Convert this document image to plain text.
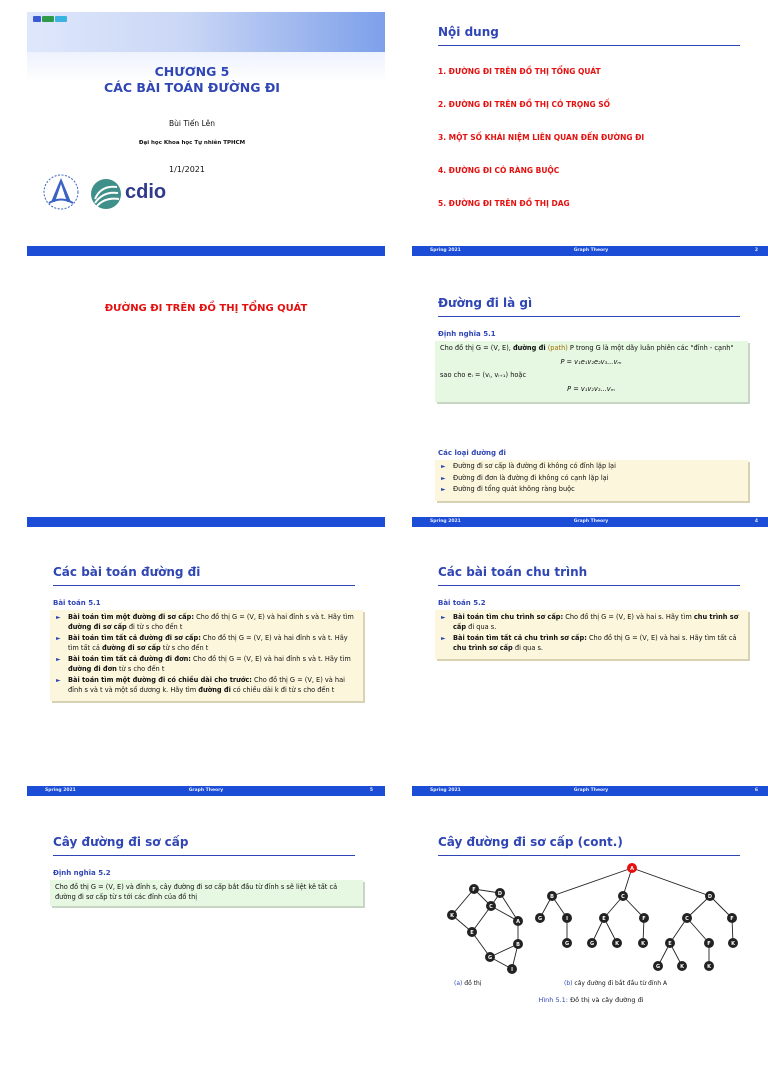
CHƯƠNG 5
CÁC BÀI TOÁN ĐƯỜNG ĐI
Bùi Tiến Lên
Đại học Khoa học Tự nhiên TPHCM
1/1/2021
cdio
Nội dung
1. ĐƯỜNG ĐI TRÊN ĐỒ THỊ TỔNG QUÁT
2. ĐƯỜNG ĐI TRÊN ĐỒ THỊ CÓ TRỌNG SỐ
3. MỘT SỐ KHÁI NIỆM LIÊN QUAN ĐẾN ĐƯỜNG ĐI
4. ĐƯỜNG ĐI CÓ RÀNG BUỘC
5. ĐƯỜNG ĐI TRÊN ĐỒ THỊ DAG
Spring 2021	Graph Theory	2
ĐƯỜNG ĐI TRÊN ĐỒ THỊ TỔNG QUÁT	Đường đi là gì
Định nghĩa 5.1
Cho đồ thị G = (V, E), đường đi (path) P trong G là một dãy luân phiên các "đỉnh - cạnh"
P = v₁e₁v₂e₂v₃...vₘ
sao cho eᵢ = (vᵢ, vᵢ₊₁) hoặc
P = v₁v₂v₃...vₘ
Các loại đường đi
► Đường đi sơ cấp là đường đi không có đỉnh lặp lại
► Đường đi đơn là đường đi không có cạnh lặp lại
► Đường đi tổng quát không ràng buộc
Spring 2021	Graph Theory	4
Các bài toán đường đi
Bài toán 5.1
► Bài toán tìm một đường đi sơ cấp: Cho đồ thị G = (V, E) và hai đỉnh s và t. Hãy tìm đường đi sơ cấp đi từ s cho đến t
► Bài toán tìm tất cả đường đi sơ cấp: Cho đồ thị G = (V, E) và hai đỉnh s và t. Hãy tìm tất cả đường đi sơ cấp từ s cho đến t
► Bài toán tìm tất cả đường đi đơn: Cho đồ thị G = (V, E) và hai đỉnh s và t. Hãy tìm đường đi đơn từ s cho đến t
► Bài toán tìm một đường đi có chiều dài cho trước: Cho đồ thị G = (V, E) và hai đỉnh s và t và một số dương k. Hãy tìm đường đi có chiều dài k đi từ s cho đến t
Spring 2021	Graph Theory	5
Các bài toán chu trình
Bài toán 5.2
► Bài toán tìm chu trình sơ cấp: Cho đồ thị G = (V, E) và hai s. Hãy tìm chu trình sơ cấp đi qua s.
► Bài toán tìm tất cả chu trình sơ cấp: Cho đồ thị G = (V, E) và hai s. Hãy tìm tất cả chu trình sơ cấp đi qua s.
Spring 2021	Graph Theory	6
Cây đường đi sơ cấp
Định nghĩa 5.2
Cho đồ thị G = (V, E) và đỉnh s, cây đường đi sơ cấp bắt đầu từ đỉnh s sẽ liệt kê tất cả đường đi sơ cấp từ s tới các đỉnh của đồ thị
Cây đường đi sơ cấp (cont.)
F
D
C
K
A
E
B
G
I
A
B	C	D
G	I
G
E	F
G	K	K
C	F
E	F	K
G	K	K
(a) đồ thị	(b) cây đường đi bắt đầu từ đỉnh A
Hình 5.1: Đồ thị và cây đường đi
